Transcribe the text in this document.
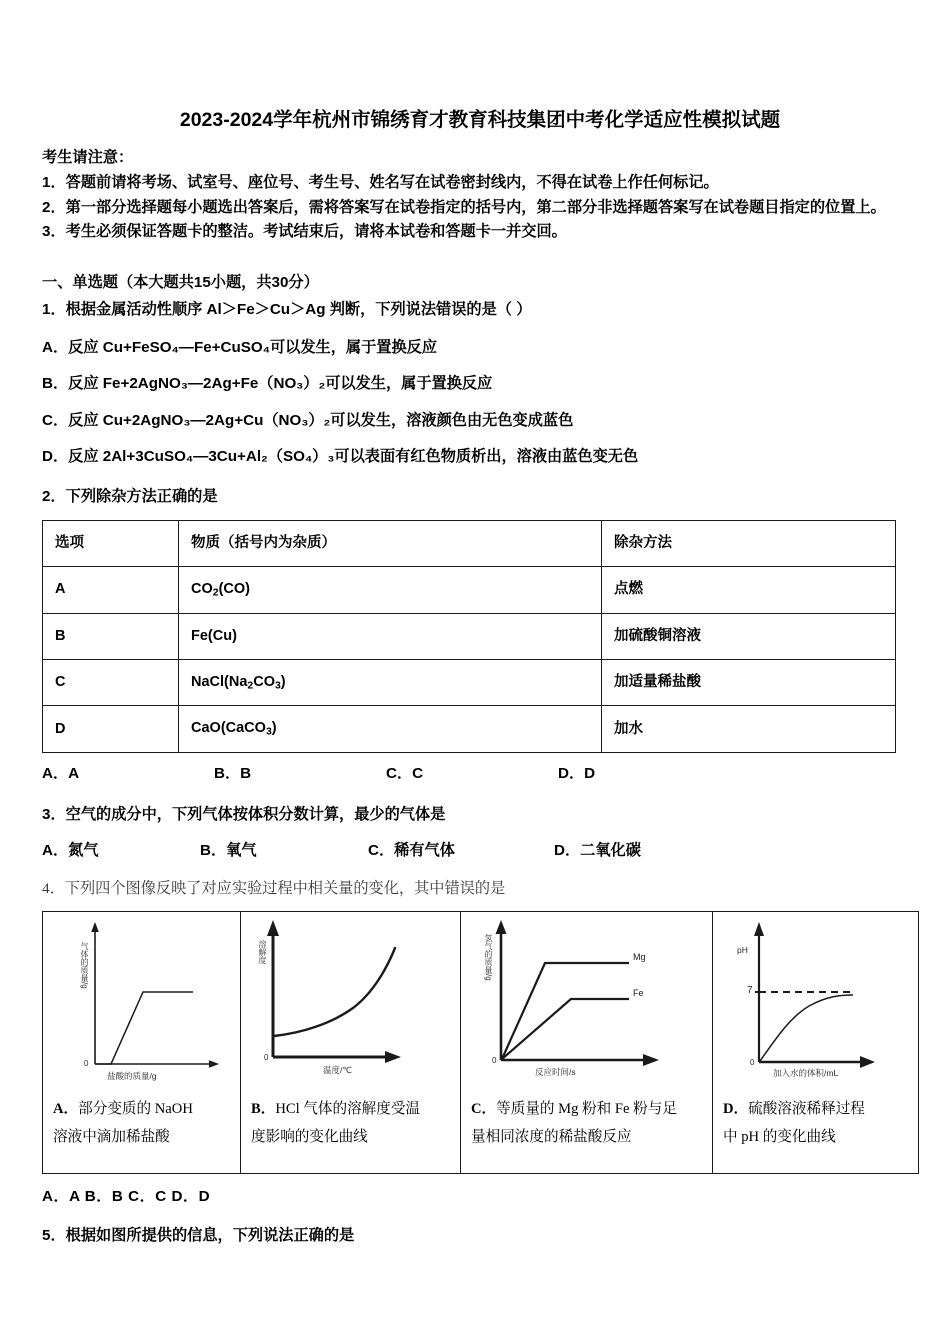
2023-2024学年杭州市锦绣育才教育科技集团中考化学适应性模拟试题

考生请注意：

1．答题前请将考场、试室号、座位号、考生号、姓名写在试卷密封线内，不得在试卷上作任何标记。

2．第一部分选择题每小题选出答案后，需将答案写在试卷指定的括号内，第二部分非选择题答案写在试卷题目指定的位置上。

3．考生必须保证答题卡的整洁。考试结束后，请将本试卷和答题卡一并交回。

一、单选题（本大题共15小题，共30分）
1．根据金属活动性顺序 Al＞Fe＞Cu＞Ag 判断，下列说法错误的是（ ）
A．反应 Cu+FeSO₄—Fe+CuSO₄可以发生，属于置换反应
B．反应 Fe+2AgNO₃—2Ag+Fe（NO₃）₂可以发生，属于置换反应
C．反应 Cu+2AgNO₃—2Ag+Cu（NO₃）₂可以发生，溶液颜色由无色变成蓝色
D．反应 2Al+3CuSO₄—3Cu+Al₂（SO₄）₃可以表面有红色物质析出，溶液由蓝色变无色
2．下列除杂方法正确的是
选项	物质（括号内为杂质）	除杂方法
A	$CO_2(CO)$	点燃
B	Fe(Cu)	加硫酸铜溶液
C	$NaCl(Na_2CO_3)$	加适量稀盐酸
D	CaO(CaCO$_3$)	加水
A．A	B．B	C．C	D．D
3．空气的成分中，下列气体按体积分数计算，最少的气体是
A．氮气	B．氧气	C．稀有气体	D．二氧化碳
4．下列四个图像反映了对应实验过程中相关量的变化，其中错误的是
气体的质量/g
0
盐酸的质量/g
A．部分变质的 NaOH
溶液中滴加稀盐酸

溶解度
0
温度/℃
B．HCl 气体的溶解度受温
度影响的变化曲线

氢气的质量/g
0
反应时间/s
Mg
Fe
C．等质量的 Mg 粉和 Fe 粉与足
量相同浓度的稀盐酸反应

pH
7
0
加入水的体积/mL
D．硫酸溶液稀释过程
中 pH 的变化曲线
A．A B．B C．C D．D
5．根据如图所提供的信息，下列说法正确的是
